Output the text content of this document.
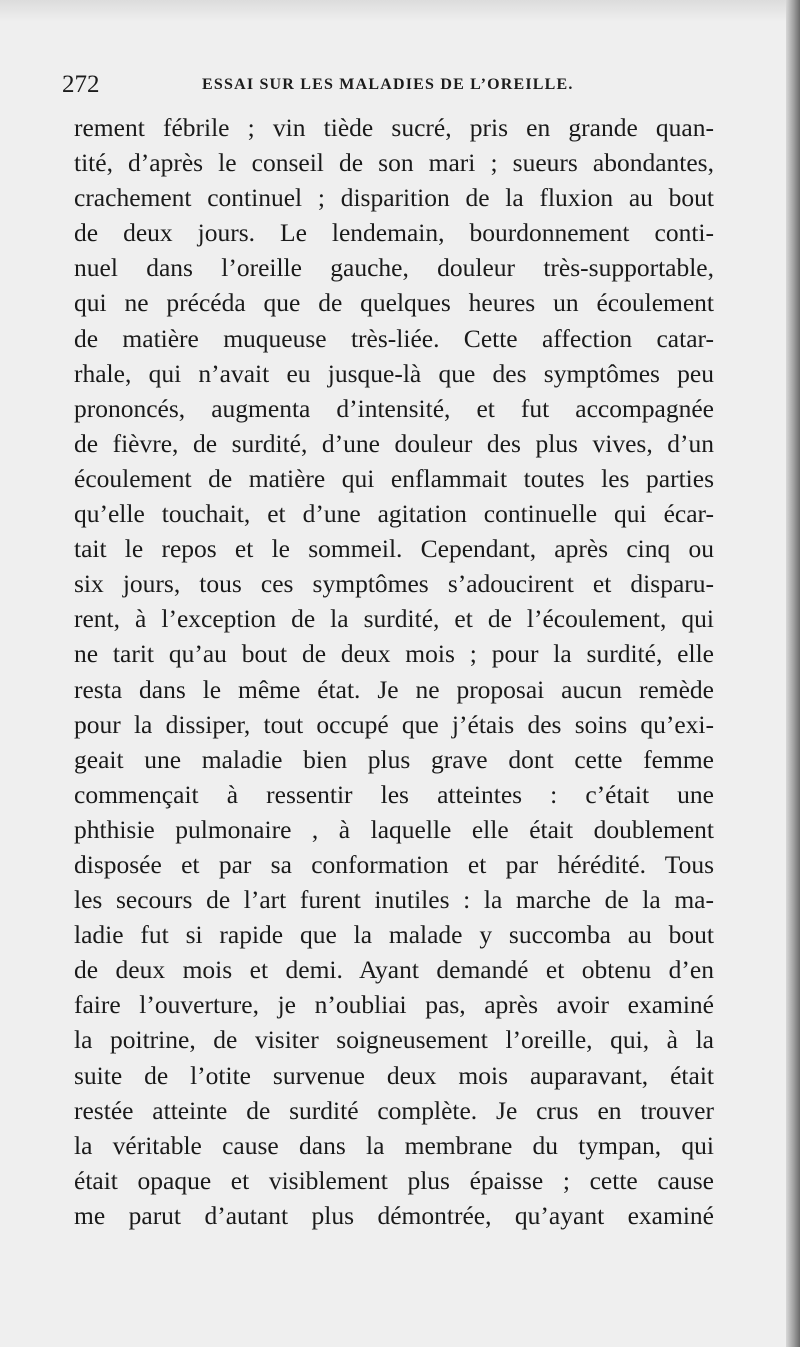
272	ESSAI SUR LES MALADIES DE L’OREILLE.
rement fébrile ; vin tiède sucré, pris en grande quan-
tité, d’après le conseil de son mari ; sueurs abondantes,
crachement continuel ; disparition de la fluxion au bout
de deux jours. Le lendemain, bourdonnement conti-
nuel dans l’oreille gauche, douleur très-supportable,
qui ne précéda que de quelques heures un écoulement
de matière muqueuse très-liée. Cette affection catar-
rhale, qui n’avait eu jusque-là que des symptômes peu
prononcés, augmenta d’intensité, et fut accompagnée
de fièvre, de surdité, d’une douleur des plus vives, d’un
écoulement de matière qui enflammait toutes les parties
qu’elle touchait, et d’une agitation continuelle qui écar-
tait le repos et le sommeil. Cependant, après cinq ou
six jours, tous ces symptômes s’adoucirent et disparu-
rent, à l’exception de la surdité, et de l’écoulement, qui
ne tarit qu’au bout de deux mois ; pour la surdité, elle
resta dans le même état. Je ne proposai aucun remède
pour la dissiper, tout occupé que j’étais des soins qu’exi-
geait une maladie bien plus grave dont cette femme
commençait à ressentir les atteintes : c’était une
phthisie pulmonaire , à laquelle elle était doublement
disposée et par sa conformation et par hérédité. Tous
les secours de l’art furent inutiles : la marche de la ma-
ladie fut si rapide que la malade y succomba au bout
de deux mois et demi. Ayant demandé et obtenu d’en
faire l’ouverture, je n’oubliai pas, après avoir examiné
la poitrine, de visiter soigneusement l’oreille, qui, à la
suite de l’otite survenue deux mois auparavant, était
restée atteinte de surdité complète. Je crus en trouver
la véritable cause dans la membrane du tympan, qui
était opaque et visiblement plus épaisse ; cette cause
me parut d’autant plus démontrée, qu’ayant examiné
